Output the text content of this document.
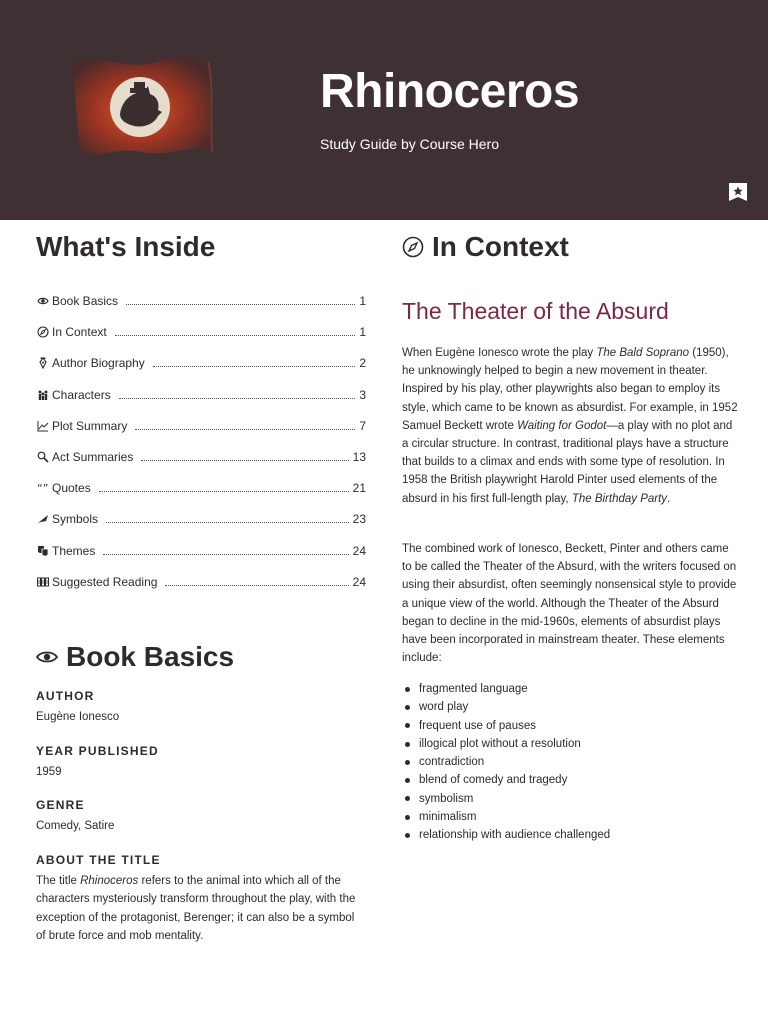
Rhinoceros
Study Guide by Course Hero
What's Inside
Book Basics	1
In Context	1
Author Biography	2
Characters	3
Plot Summary	7
Act Summaries	13
“” Quotes	21
Symbols	23
Themes	24
Suggested Reading	24
Book Basics

AUTHOR

Eugène Ionesco

YEAR PUBLISHED

1959

GENRE

Comedy, Satire

ABOUT THE TITLE

The title Rhinoceros refers to the animal into which all of the characters mysteriously transform throughout the play, with the exception of the protagonist, Berenger; it can also be a symbol of brute force and mob mentality.

In Context
The Theater of the Absurd

When Eugène Ionesco wrote the play The Bald Soprano (1950), he unknowingly helped to begin a new movement in theater. Inspired by his play, other playwrights also began to employ its style, which came to be known as absurdist. For example, in 1952 Samuel Beckett wrote Waiting for Godot—a play with no plot and a circular structure. In contrast, traditional plays have a structure that builds to a climax and ends with some type of resolution. In 1958 the British playwright Harold Pinter used elements of the absurd in his first full-length play, The Birthday Party.

The combined work of Ionesco, Beckett, Pinter and others came to be called the Theater of the Absurd, with the writers focused on using their absurdist, often seemingly nonsensical style to provide a unique view of the world. Although the Theater of the Absurd began to decline in the mid-1960s, elements of absurdist plays have been incorporated in mainstream theater. These elements include:

fragmented language
word play
frequent use of pauses
illogical plot without a resolution
contradiction
blend of comedy and tragedy
symbolism
minimalism
relationship with audience challenged
